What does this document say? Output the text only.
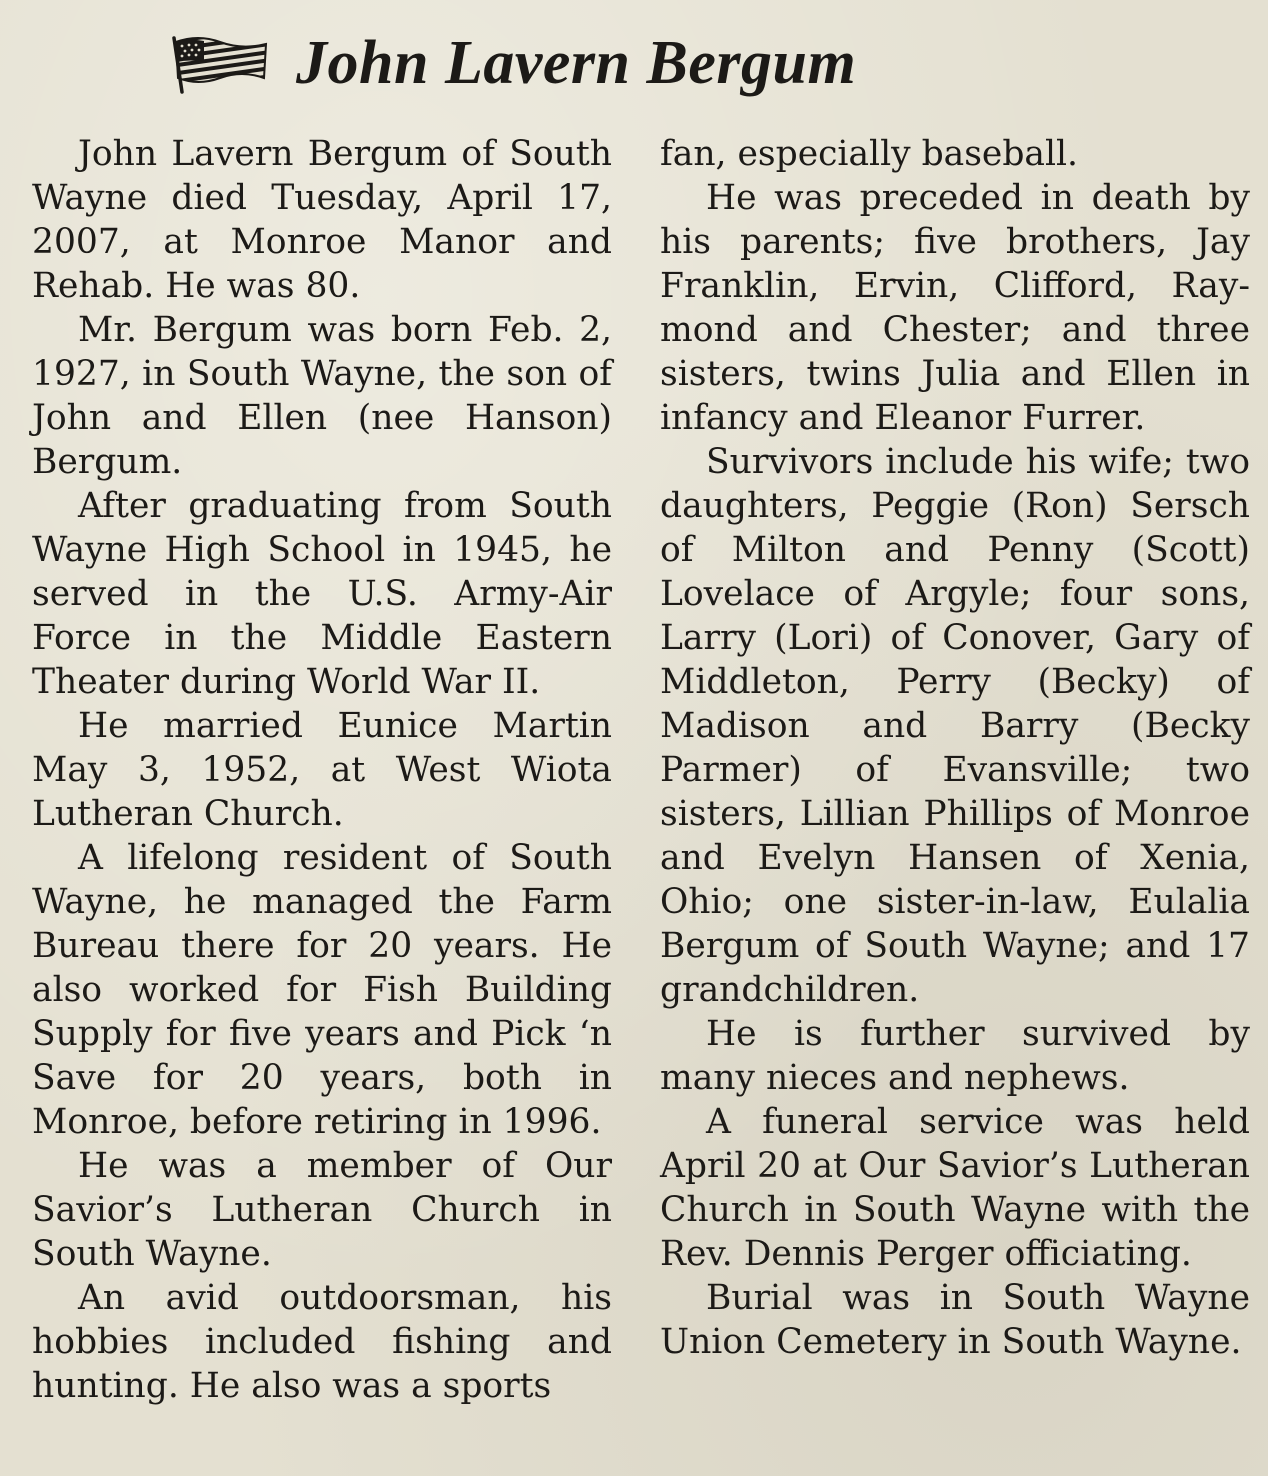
John Lavern Bergum

John Lavern Bergum of South Wayne died Tuesday, April 17, 2007, at Monroe Manor and Rehab. He was 80.

Mr. Bergum was born Feb. 2, 1927, in South Wayne, the son of John and Ellen (nee Hanson) Bergum.

After graduating from South Wayne High School in 1945, he served in the U.S. Army-Air Force in the Middle Eastern Theater during World War II.

He married Eunice Martin May 3, 1952, at West Wiota Lutheran Church.

A lifelong resident of South Wayne, he managed the Farm Bureau there for 20 years. He also worked for Fish Building Supply for five years and Pick ‘n Save for 20 years, both in Monroe, before retiring in 1996.

He was a member of Our Savior’s Lutheran Church in South Wayne.

An avid outdoorsman, his hobbies included fishing and hunting. He also was a sports

fan, especially baseball.

He was preceded in death by his parents; five brothers, Jay Franklin, Ervin, Clifford, Raymond and Chester; and three sisters, twins Julia and Ellen in infancy and Eleanor Furrer.

Survivors include his wife; two daughters, Peggie (Ron) Sersch of Milton and Penny (Scott) Lovelace of Argyle; four sons, Larry (Lori) of Conover, Gary of Middleton, Perry (Becky) of Madison and Barry (Becky Parmer) of Evansville; two sisters, Lillian Phillips of Monroe and Evelyn Hansen of Xenia, Ohio; one sister-in-law, Eulalia Bergum of South Wayne; and 17 grandchildren.

He is further survived by many nieces and nephews.

A funeral service was held April 20 at Our Savior’s Lutheran Church in South Wayne with the Rev. Dennis Perger officiating.

Burial was in South Wayne Union Cemetery in South Wayne.
